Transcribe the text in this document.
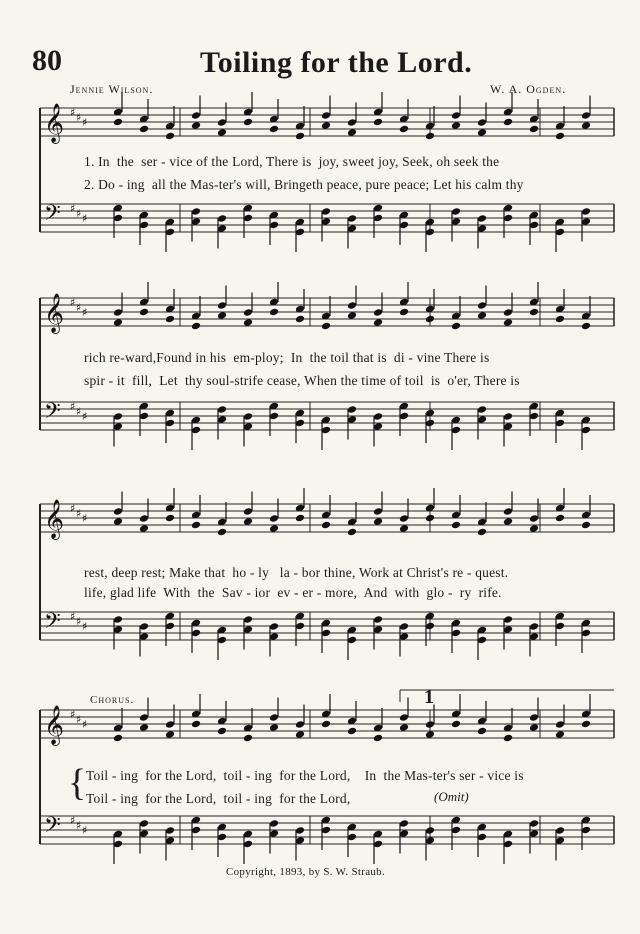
80	Toiling for the Lord.
Jennie Wilson.	W. A. Ogden.
𝄞 ♯ ♯ ♯
𝄢 ♯ ♯ ♯
𝄞 ♯ ♯ ♯
𝄢 ♯ ♯ ♯
𝄞 ♯ ♯ ♯
𝄢 ♯ ♯ ♯
𝄞 ♯ ♯ ♯
𝄢 ♯ ♯ ♯
1. In  the  ser - vice of the Lord, There is  joy, sweet joy, Seek, oh seek the
2. Do - ing  all the Mas-ter's will, Bringeth peace, pure peace; Let his calm thy
rich re-ward,Found in his  em-ploy;  In  the toil that is  di - vine There is
spir - it  fill,  Let  thy soul-strife cease, When the time of toil  is  o'er, There is
rest, deep rest; Make that  ho - ly   la - bor thine, Work at Christ's re - quest.
life, glad life  With  the  Sav - ior  ev - er - more,  And  with  glo -  ry  rife.
Chorus.	1
{ Toil - ing  for the Lord,  toil - ing  for the Lord,    In  the Mas-ter's ser - vice is
Toil - ing  for the Lord,  toil - ing  for the Lord,	(Omit)
Copyright, 1893, by S. W. Straub.
